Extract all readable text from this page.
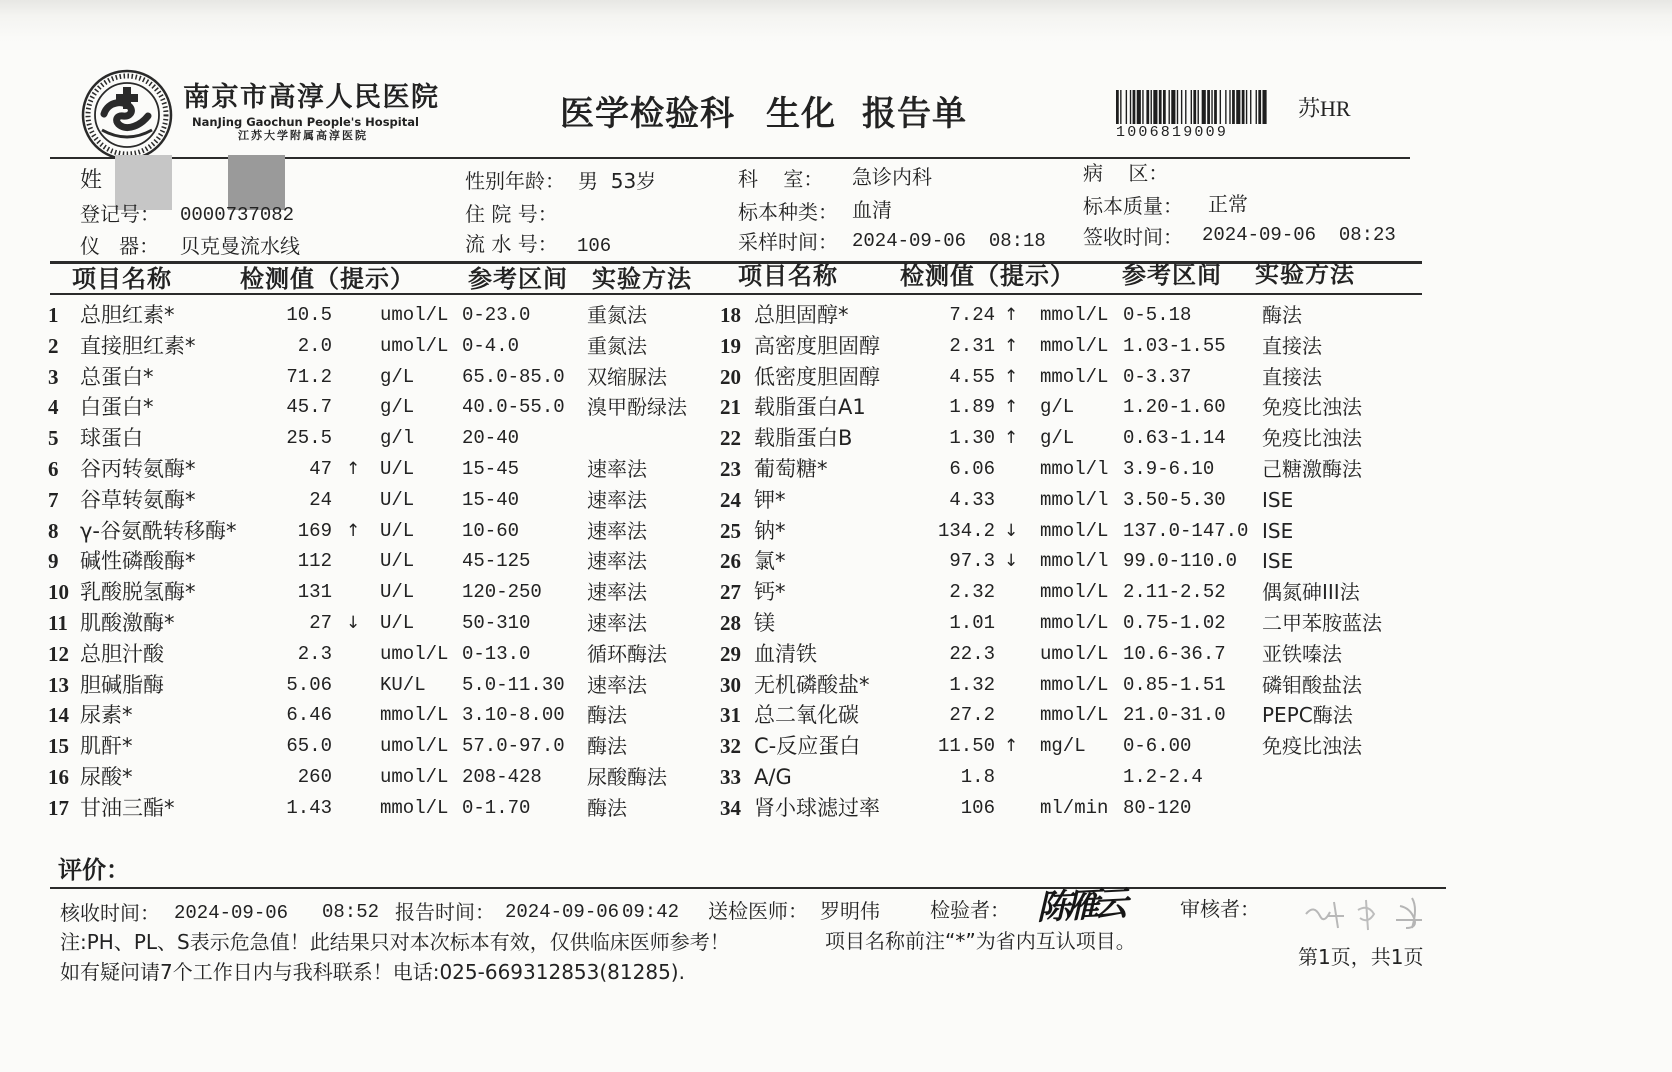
南京市高淳人民医院
NanJing Gaochun People's Hospital
江苏大学附属高淳医院
医学检验科 生化 报告单	1006819009
苏HR
姓	性别年龄： 男  53岁	科    室： 急诊内科	病    区：
登记号： 0000737082	住 院 号：	标本种类： 血清	标本质量： 正常
仪   器： 贝克曼流水线	流 水 号： 106	采样时间： 2024-09-06  08:18 签收时间： 2024-09-06  08:23
项目名称	检测值（提示） 参考区间 实验方法 项目名称	检测值（提示） 参考区间 实验方法
1 总胆红素*	10.5	umol/L 0-23.0	重氮法
2 直接胆红素*	2.0	umol/L 0-4.0	重氮法
3 总蛋白*	71.2	g/L	65.0-85.0 双缩脲法
4 白蛋白*	45.7	g/L	40.0-55.0 溴甲酚绿法
5 球蛋白	25.5	g/l	20-40
6 谷丙转氨酶*	47 ↑ U/L	15-45	速率法
7 谷草转氨酶*	24	U/L	15-40	速率法
8 γ-谷氨酰转移酶*	169 ↑ U/L	10-60	速率法
9 碱性磷酸酶*	112	U/L	45-125	速率法
10 乳酸脱氢酶*	131	U/L	120-250 速率法
11 肌酸激酶*	27 ↓ U/L	50-310	速率法
12 总胆汁酸	2.3	umol/L 0-13.0	循环酶法
13 胆碱脂酶	5.06	KU/L 5.0-11.30 速率法
14 尿素*	6.46	mmol/L 3.10-8.00 酶法
15 肌酐*	65.0	umol/L 57.0-97.0 酶法
16 尿酸*	260	umol/L 208-428 尿酸酶法
17 甘油三酯*	1.43	mmol/L 0-1.70	酶法
18 总胆固醇*	7.24 ↑ mmol/L 0-5.18	酶法
19 高密度胆固醇	2.31 ↑ mmol/L 1.03-1.55 直接法
20 低密度胆固醇	4.55 ↑ mmol/L 0-3.37	直接法
21 载脂蛋白A1	1.89 ↑ g/L	1.20-1.60 免疫比浊法
22 载脂蛋白B	1.30 ↑ g/L	0.63-1.14 免疫比浊法
23 葡萄糖*	6.06 mmol/l 3.9-6.10 己糖激酶法
24 钾*	4.33 mmol/l 3.50-5.30 ISE
25 钠*	134.2 ↓ mmol/L 137.0-147.0 ISE
26 氯*	97.3 ↓ mmol/l 99.0-110.0 ISE
27 钙*	2.32 mmol/L 2.11-2.52 偶氮砷III法
28 镁	1.01 mmol/L 0.75-1.02 二甲苯胺蓝法
29 血清铁	22.3 umol/L 10.6-36.7 亚铁嗪法
30 无机磷酸盐*	1.32 mmol/L 0.85-1.51 磷钼酸盐法
31 总二氧化碳	27.2 mmol/L 21.0-31.0 PEPC酶法
32 C-反应蛋白	11.50 ↑ mg/L 0-6.00	免疫比浊法
33 A/G	1.8	1.2-2.4
34 肾小球滤过率	106 ml/min 80-120
评价：
核收时间： 2024-09-06 08:52 报告时间： 2024-09-06 09:42 送检医师： 罗明伟	检验者： 陈雁云	审核者：
注:PH、PL、S表示危急值！此结果只对本次标本有效，仅供临床医师参考！	项目名称前注“*”为省内互认项目。
第1页，共1页
如有疑问请7个工作日内与我科联系！电话:025-669312853(81285).
